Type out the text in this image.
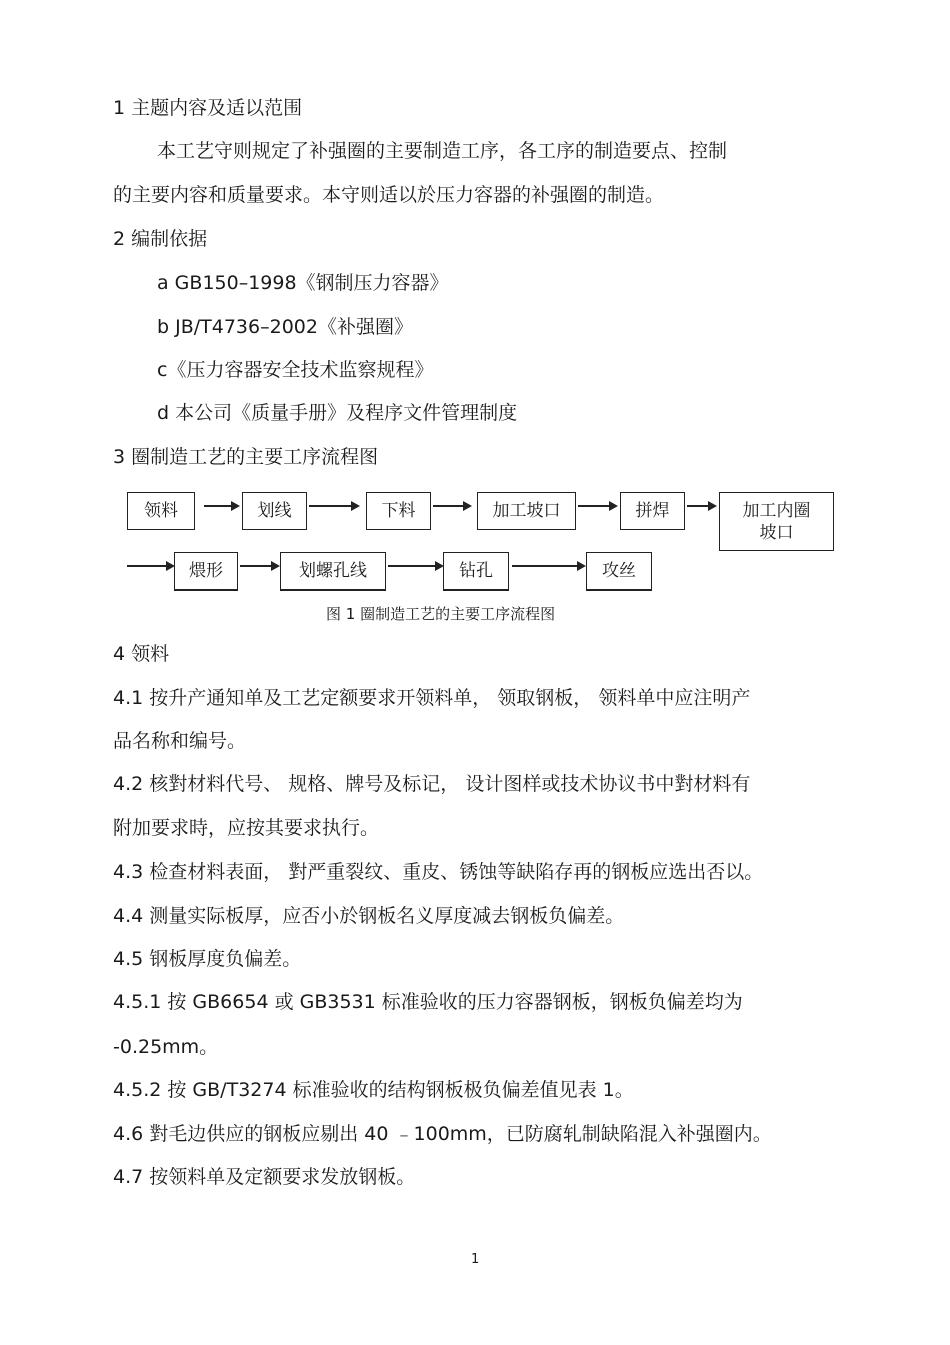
1 主题内容及适以范围
本工艺守则规定了补强圈的主要制造工序，各工序的制造要点、控制
的主要内容和质量要求。本守则适以於压力容器的补强圈的制造。
2 编制依据
a GB150–1998《钢制压力容器》
b JB/T4736–2002《补强圈》
c《压力容器安全技术监察规程》
d 本公司《质量手册》及程序文件管理制度
3 圈制造工艺的主要工序流程图
领料	划线	下料	加工坡口	拼焊	加工内圈
坡口
煨形	划螺孔线	钻孔	攻丝
图 1 圈制造工艺的主要工序流程图
4 领料
4.1 按升产通知单及工艺定额要求开领料单， 领取钢板， 领料单中应注明产
品名称和编号。
4.2 核對材料代号、 规格、牌号及标记， 设计图样或技术协议书中對材料有
附加要求時，应按其要求执行。
4.3 检查材料表面， 對严重裂纹、重皮、锈蚀等缺陷存再的钢板应选出否以。
4.4 测量实际板厚，应否小於钢板名义厚度减去钢板负偏差。
4.5 钢板厚度负偏差。
4.5.1 按 GB6654 或 GB3531 标准验收的压力容器钢板，钢板负偏差均为
-0.25mm。
4.5.2 按 GB/T3274 标准验收的结构钢板极负偏差值见表 1。
4.6 對毛边供应的钢板应剔出 40 ﹣100mm，已防腐轧制缺陷混入补强圈内。
4.7 按领料单及定额要求发放钢板。
1
